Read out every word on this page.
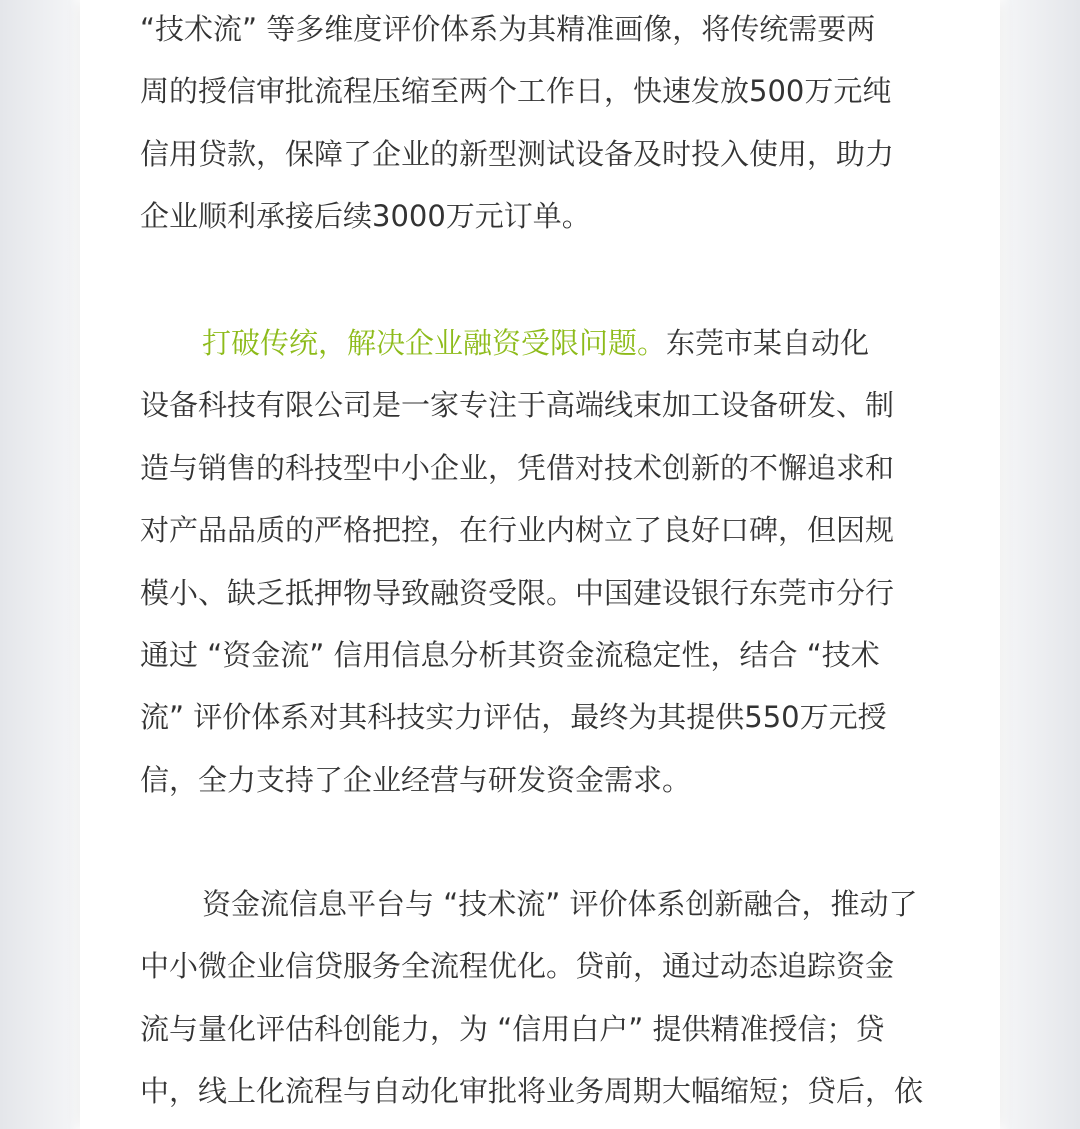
“技术流” 等多维度评价体系为其精准画像，将传统需要两
周的授信审批流程压缩至两个工作日，快速发放500万元纯
信用贷款，保障了企业的新型测试设备及时投入使用，助力
企业顺利承接后续3000万元订单。

打破传统，解决企业融资受限问题。东莞市某自动化
设备科技有限公司是一家专注于高端线束加工设备研发、制
造与销售的科技型中小企业，凭借对技术创新的不懈追求和
对产品品质的严格把控，在行业内树立了良好口碑，但因规
模小、缺乏抵押物导致融资受限。中国建设银行东莞市分行
通过 “资金流” 信用信息分析其资金流稳定性，结合 “技术
流” 评价体系对其科技实力评估，最终为其提供550万元授
信，全力支持了企业经营与研发资金需求。

资金流信息平台与 “技术流” 评价体系创新融合，推动了
中小微企业信贷服务全流程优化。贷前，通过动态追踪资金
流与量化评估科创能力，为 “信用白户” 提供精准授信；贷
中，线上化流程与自动化审批将业务周期大幅缩短；贷后，依
